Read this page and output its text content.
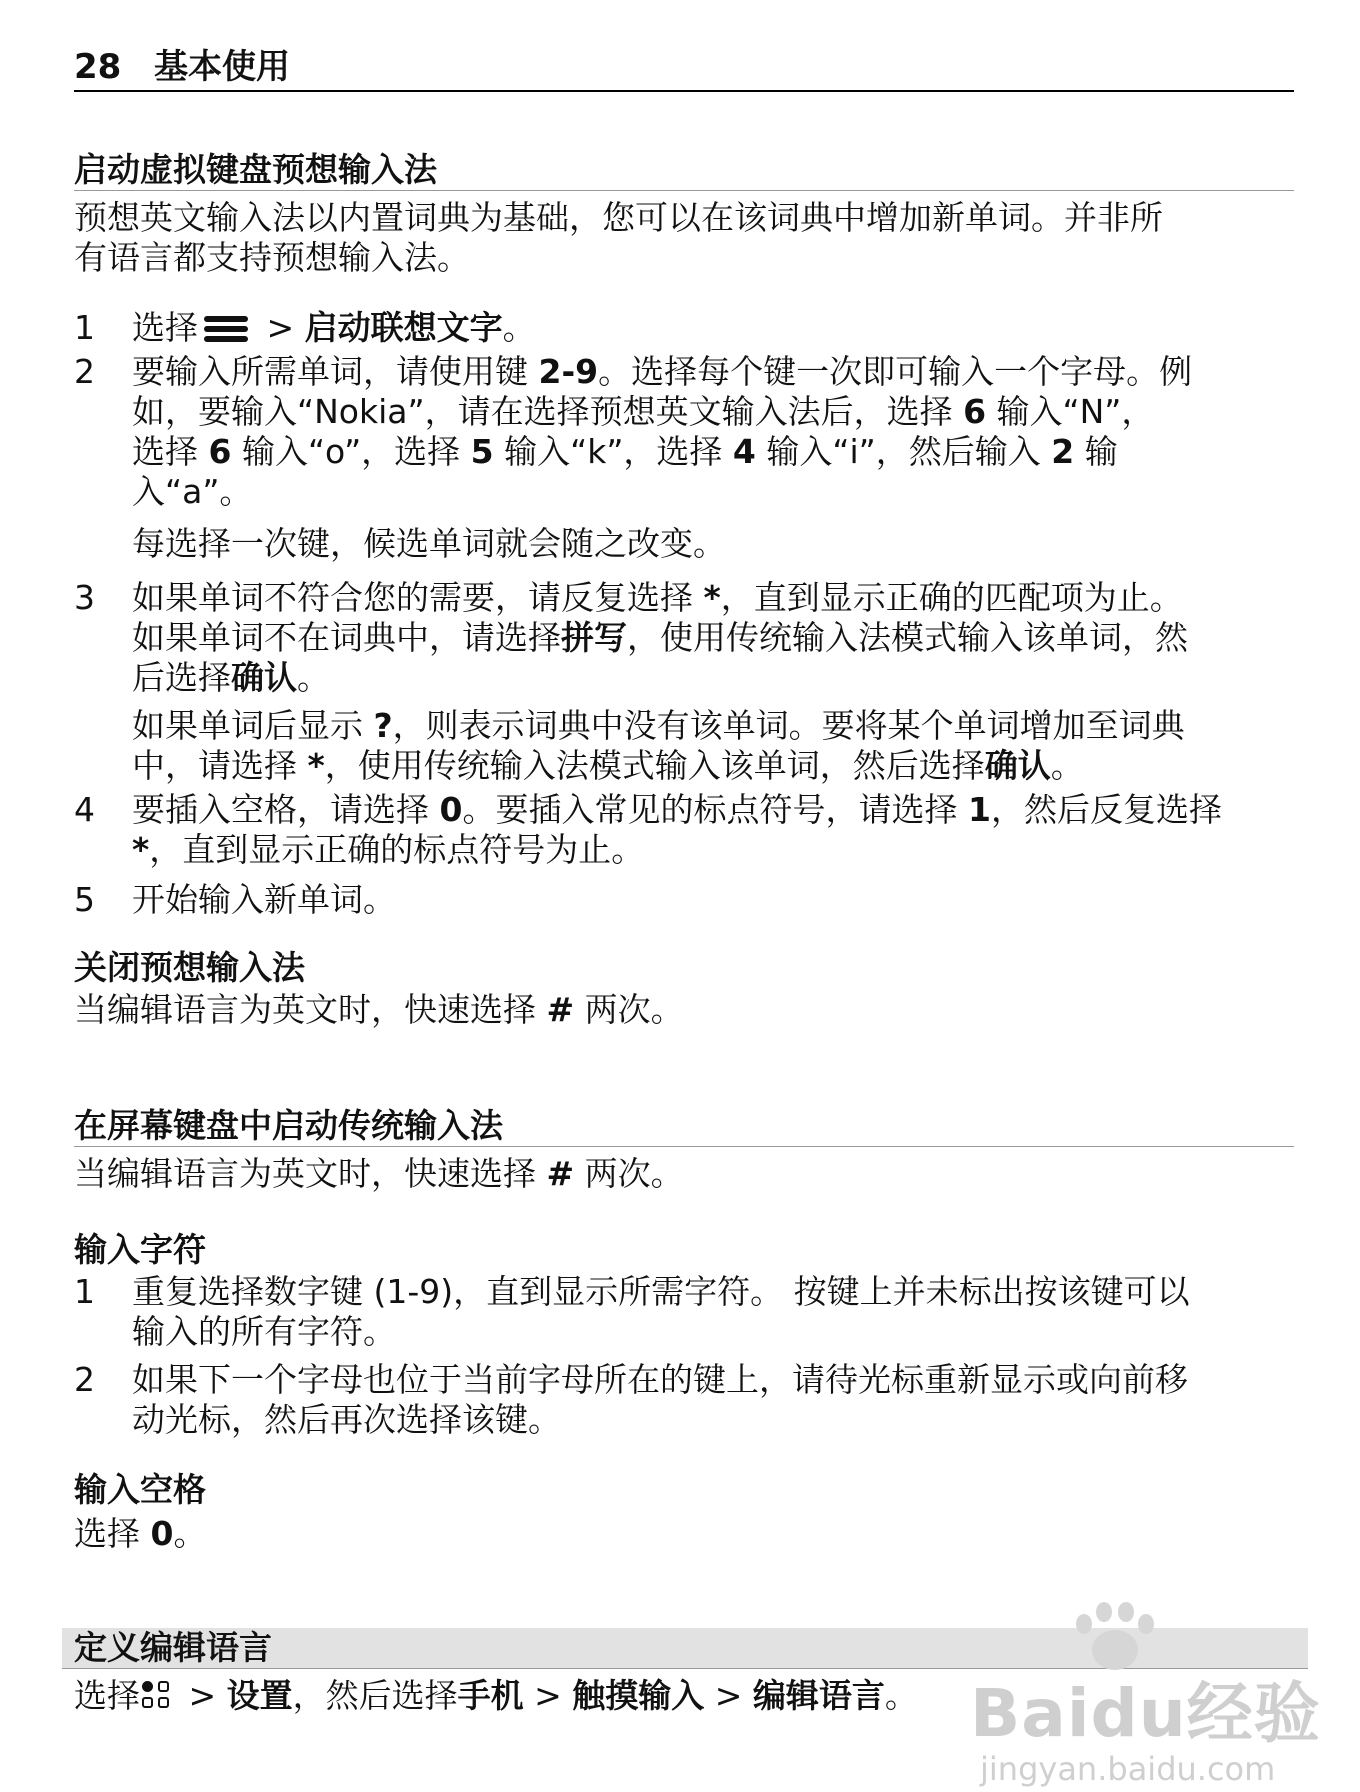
28 基本使用
启动虚拟键盘预想输入法
预想英文输入法以内置词典为基础，您可以在该词典中增加新单词。并非所
有语言都支持预想输入法。
1	选择
> 启动联想文字。
2	要输入所需单词，请使用键 2-9。选择每个键一次即可输入一个字母。例
如，要输入“Nokia”，请在选择预想英文输入法后，选择 6 输入“N”，
选择 6 输入“o”，选择 5 输入“k”，选择 4 输入“i”，然后输入 2 输
入“a”。
每选择一次键，候选单词就会随之改变。
3	如果单词不符合您的需要，请反复选择 *，直到显示正确的匹配项为止。
如果单词不在词典中，请选择拼写，使用传统输入法模式输入该单词，然
后选择确认。
如果单词后显示 ?，则表示词典中没有该单词。要将某个单词增加至词典
中，请选择 *，使用传统输入法模式输入该单词，然后选择确认。
4	要插入空格，请选择 0。要插入常见的标点符号，请选择 1，然后反复选择
*，直到显示正确的标点符号为止。
5	开始输入新单词。
关闭预想输入法
当编辑语言为英文时，快速选择 # 两次。
在屏幕键盘中启动传统输入法
当编辑语言为英文时，快速选择 # 两次。
输入字符
1	重复选择数字键 (1-9)，直到显示所需字符。 按键上并未标出按该键可以
输入的所有字符。
2	如果下一个字母也位于当前字母所在的键上，请待光标重新显示或向前移
动光标，然后再次选择该键。
输入空格
选择 0。
定义编辑语言
选择
> 设置，然后选择手机 > 触摸输入 > 编辑语言。 Baidu经验
jingyan.baidu.com
